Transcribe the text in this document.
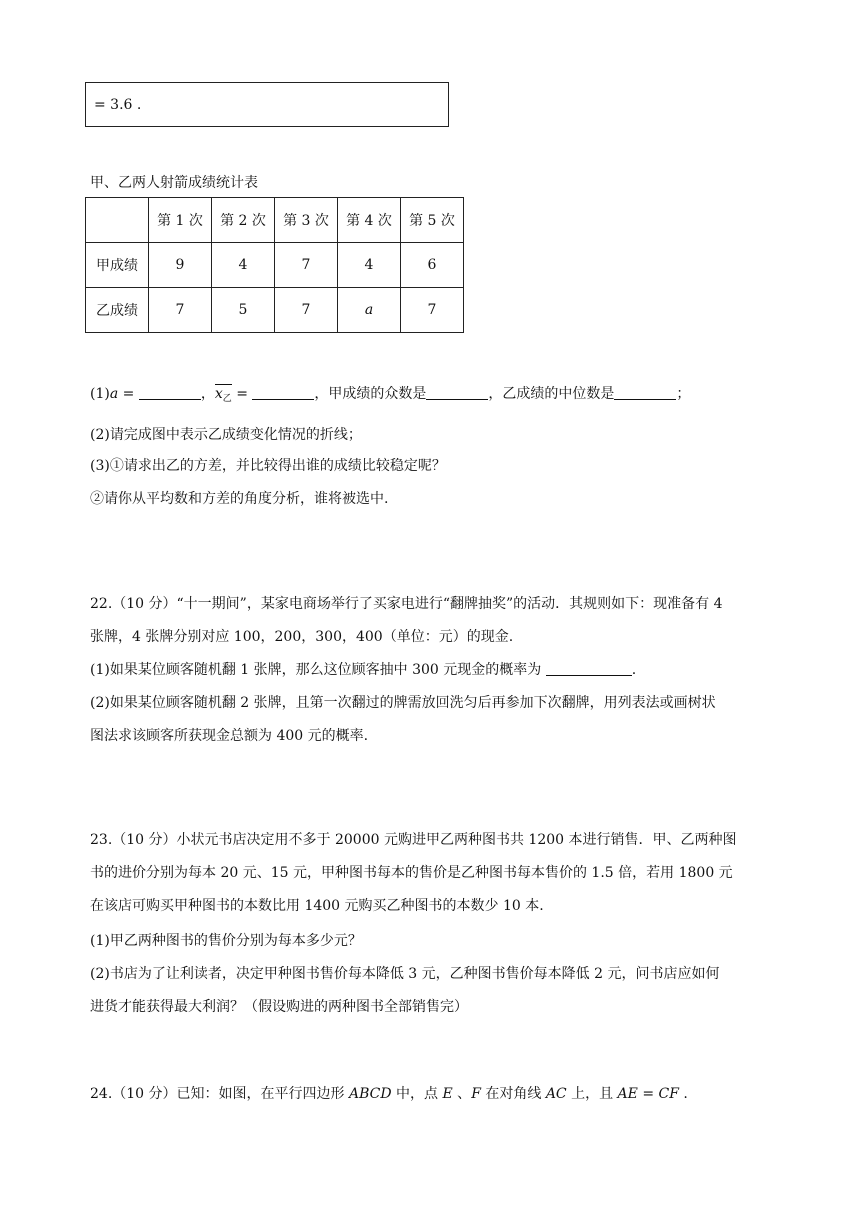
= 3.6 .
甲、乙两人射箭成绩统计表
	第 1 次	第 2 次	第 3 次	第 4 次	第 5 次
甲成绩	9	4	7	4	6
乙成绩	7	5	7	a	7
(1)a =	，$x_乙$ =	，甲成绩的众数是	，乙成绩的中位数是	；
(2)请完成图中表示乙成绩变化情况的折线；
(3)①请求出乙的方差，并比较得出谁的成绩比较稳定呢？
②请你从平均数和方差的角度分析，谁将被选中.
22.（10 分）“十一期间”，某家电商场举行了买家电进行“翻牌抽奖”的活动．其规则如下：现准备有 4
张牌，4 张牌分别对应 100，200，300，400（单位：元）的现金.
(1)如果某位顾客随机翻 1 张牌，那么这位顾客抽中 300 元现金的概率为	.
(2)如果某位顾客随机翻 2 张牌，且第一次翻过的牌需放回洗匀后再参加下次翻牌，用列表法或画树状
图法求该顾客所获现金总额为 400 元的概率.
23.（10 分）小状元书店决定用不多于 20000 元购进甲乙两种图书共 1200 本进行销售．甲、乙两种图
书的进价分别为每本 20 元、15 元，甲种图书每本的售价是乙种图书每本售价的 1.5 倍，若用 1800 元
在该店可购买甲种图书的本数比用 1400 元购买乙种图书的本数少 10 本.
(1)甲乙两种图书的售价分别为每本多少元？
(2)书店为了让利读者，决定甲种图书售价每本降低 3 元，乙种图书售价每本降低 2 元，问书店应如何
进货才能获得最大利润？（假设购进的两种图书全部销售完）
24.（10 分）已知：如图，在平行四边形 ABCD 中，点 E 、F 在对角线 AC 上，且 AE = CF .
